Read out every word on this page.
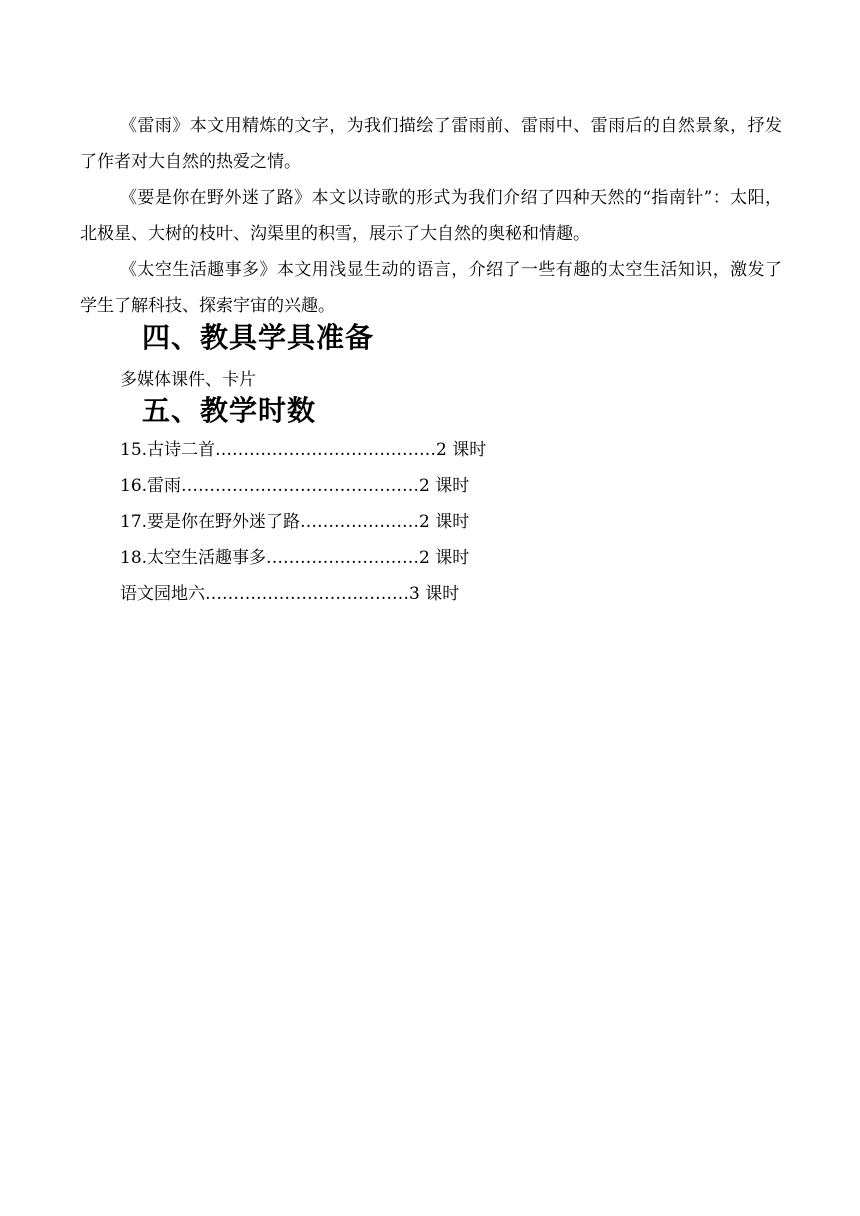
《雷雨》本文用精炼的文字，为我们描绘了雷雨前、雷雨中、雷雨后的自然景象，抒发了作者对大自然的热爱之情。

《要是你在野外迷了路》本文以诗歌的形式为我们介绍了四种天然的“指南针”：太阳，北极星、大树的枝叶、沟渠里的积雪，展示了大自然的奥秘和情趣。

《太空生活趣事多》本文用浅显生动的语言，介绍了一些有趣的太空生活知识，激发了学生了解科技、探索宇宙的兴趣。

四、教具学具准备
多媒体课件、卡片
五、教学时数
15.古诗二首…………………………………2 课时
16.雷雨……………………………………2 课时
17.要是你在野外迷了路…………………2 课时
18.太空生活趣事多………………………2 课时
语文园地六………………………………3 课时
